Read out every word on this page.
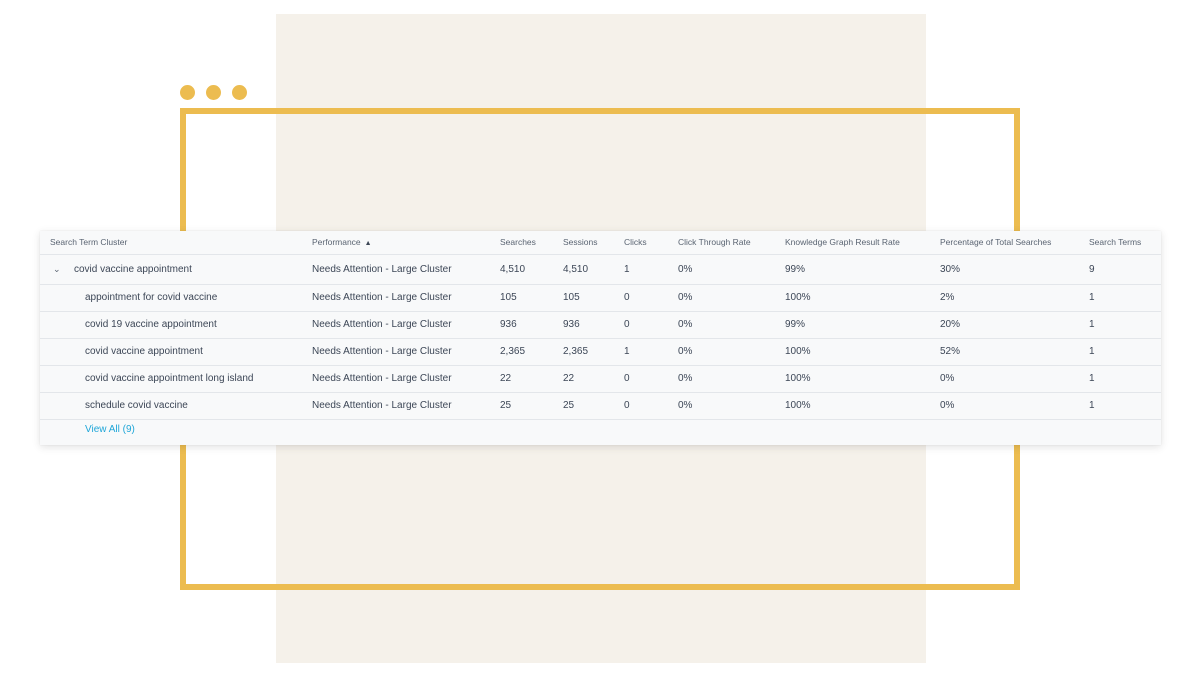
Search Term Cluster	Performance ▲	Searches	Sessions	Clicks	Click Through Rate	Knowledge Graph Result Rate	Percentage of Total Searches	Search Terms
⌄ covid vaccine appointment	Needs Attention - Large Cluster	4,510	4,510	1	0%	99%	30%	9
appointment for covid vaccine	Needs Attention - Large Cluster	105	105	0	0%	100%	2%	1
covid 19 vaccine appointment	Needs Attention - Large Cluster	936	936	0	0%	99%	20%	1
covid vaccine appointment	Needs Attention - Large Cluster	2,365	2,365	1	0%	100%	52%	1
covid vaccine appointment long island	Needs Attention - Large Cluster	22	22	0	0%	100%	0%	1
schedule covid vaccine	Needs Attention - Large Cluster	25	25	0	0%	100%	0%	1
View All (9)
